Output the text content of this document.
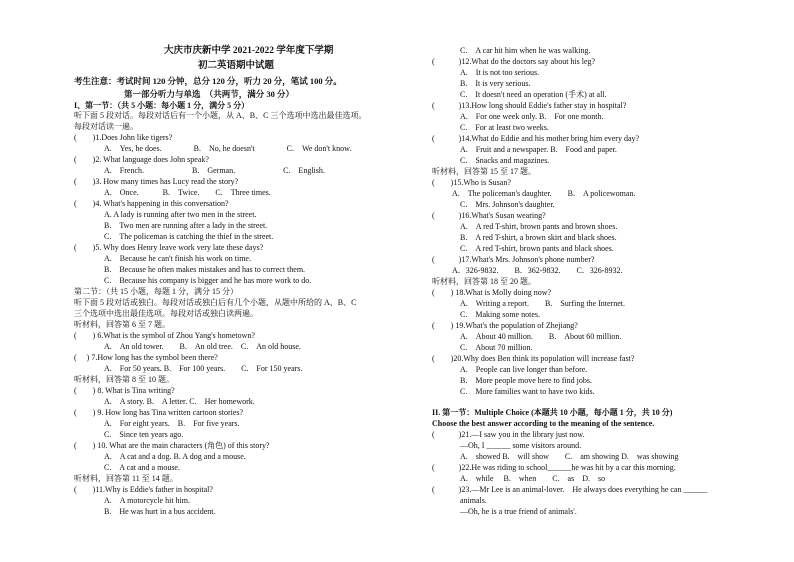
大庆市庆新中学 2021-2022 学年度下学期
初二英语期中试题
考生注意：考试时间 120 分钟，总分 120 分，听力 20 分，笔试 100 分。
第一部分听力与单选　（共两节，满分 30 分）
I、第一节：（共 5 小题：每小题 1 分，满分 5 分）
听下面 5 段对话。每段对话后有一个小题，从 A、B、C 三个选项中选出最佳选项。
每段对话读一遍。
(　　)1.Does John like tigers?
A.　Yes, he does.　　　　B.　No, he doesn't　　　　C.　We don't know.
(　　)2. What language does John speak?
A.　French.　　　　　　B.　German.　　　　　　C.　English.
(　　)3. How many times has Lucy read the story?
A.　Once.　　　B.　Twice.　　C.　Three times.
(　　)4. What's happening in this conversation?
A. A lady is running after two men in the street.
B.　Two men are running after a lady in the street.
C.　The policeman is catching the thief in the street.
(　　)5. Why does Henry leave work very late these days?
A.　Because he can't finish his work on time.
B.　Because he often makes mistakes and has to correct them.
C.　Because his company is bigger and he has more work to do.
第二节：（共 15 小题，每题 1 分，满分 15 分）
听下面 5 段对话或独白。每段对话或独白后有几个小题，从题中所给的 A、B、C
三个选项中选出最佳选项。每段对话或独白读两遍。
听材料，回答第 6 至 7 题。
(　　) 6.What is the symbol of Zhou Yang's hometown?
A.　An old tower.　　B.　An old tree.　C.　An old house.
(　 ) 7.How long has the symbol been there?
A.　For 50 years. B.　For 100 years.　　C.　For 150 years.
听材料，回答第 8 至 10 题。
(　　) 8. What is Tina writing?
A.　A story. B.　A letter. C.　Her homework.
(　　) 9. How long has Tina written cartoon stories?
A.　For eight years.　B.　For five years.
C.　Since ten years ago.
(　　) 10. What are the main characters (角色) of this story?
A.　A cat and a dog. B. A dog and a mouse.
C.　A cat and a mouse.
听材料，回答第 11 至 14 题。
(　　)11.Why is Eddie's father in hospital?
A.　A motorcycle hit him.
B.　He was hurt in a bus accident.
C.　A car hit him when he was walking.
(　　　)12.What do the doctors say about his leg?
A.　It is not too serious.
B.　It is very serious.
C.　It doesn't need an operation (手术) at all.
(　　　)13.How long should Eddie's father stay in hospital?
A.　For one week only. B.　For one month.
C.　For at least two weeks.
(　　　)14.What do Eddie and his mother bring him every day?
A.　Fruit and a newspaper. B.　Food and paper.
C.　Snacks and magazines.
听材料，回答第 15 至 17 题。
(　　)15.Who is Susan?
A.　The policeman's daughter.　　B.　A policewoman.
C.　Mrs. Johnson's daughter.
(　　　)16.What's Susan wearing?
A.　A red T-shirt, brown pants and brown shoes.
B.　A red T-shirt, a brown skirt and black shoes.
C.　A red T-shirt, brown pants and black shoes.
(　　　)17.What's Mrs. Johnson's phone number?
A．326-9832.　　B．362-9832.　　C．326-8932.
听材料，回答第 18 至 20 题。
(　　) 18.What is Molly doing now?
A.　Writing a report.　　B.　Surfing the Internet.
C.　Making some notes.
(　　) 19.What's the population of Zhejiang?
A.　About 40 million.　　B.　About 60 million.
C.　About 70 million.
(　　)20.Why does Ben think its population will increase fast?
A.　People can live longer than before.
B.　More people move here to find jobs.
C.　More families want to have two kids.
II. 第一节：Multiple Choice (本题共 10 小题，每小题 1 分，共 10 分)
Choose the best answer according to the meaning of the sentence.
(　　　)21.—I saw you in the library just now.
—Oh, I ______ some visitors around.
A.　showed B.　will show　　C.　am showing D.　was showing
(　　　)22.He was riding to school______he was hit by a car this morning.
A.　while　 B.　when　　C.　as　D.　so
(　　　)23.—Mr Lee is an animal-lover.　He always does everything he can ______
animals.
—Oh, he is a true friend of animals'.
